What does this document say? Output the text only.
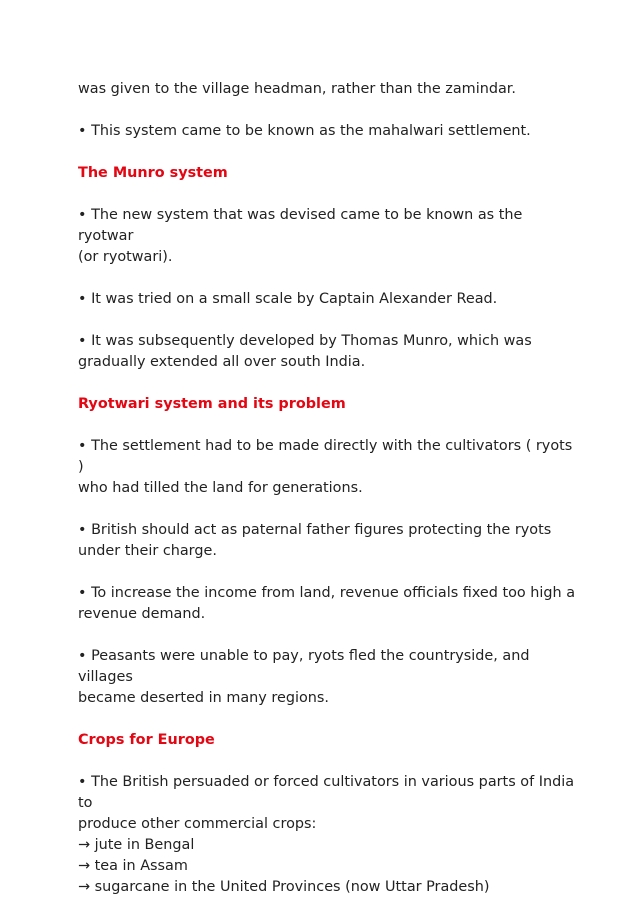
was given to the village headman, rather than the zamindar.
• This system came to be known as the mahalwari settlement.
The Munro system
• The new system that was devised came to be known as the ryotwar
(or ryotwari).
• It was tried on a small scale by Captain Alexander Read.
• It was subsequently developed by Thomas Munro, which was
gradually extended all over south India.
Ryotwari system and its problem
• The settlement had to be made directly with the cultivators ( ryots )
who had tilled the land for generations.
• British should act as paternal father figures protecting the ryots
under their charge.
• To increase the income from land, revenue officials fixed too high a
revenue demand.
• Peasants were unable to pay, ryots fled the countryside, and villages
became deserted in many regions.
Crops for Europe
• The British persuaded or forced cultivators in various parts of India to
produce other commercial crops:
→ jute in Bengal
→ tea in Assam
→ sugarcane in the United Provinces (now Uttar Pradesh)
